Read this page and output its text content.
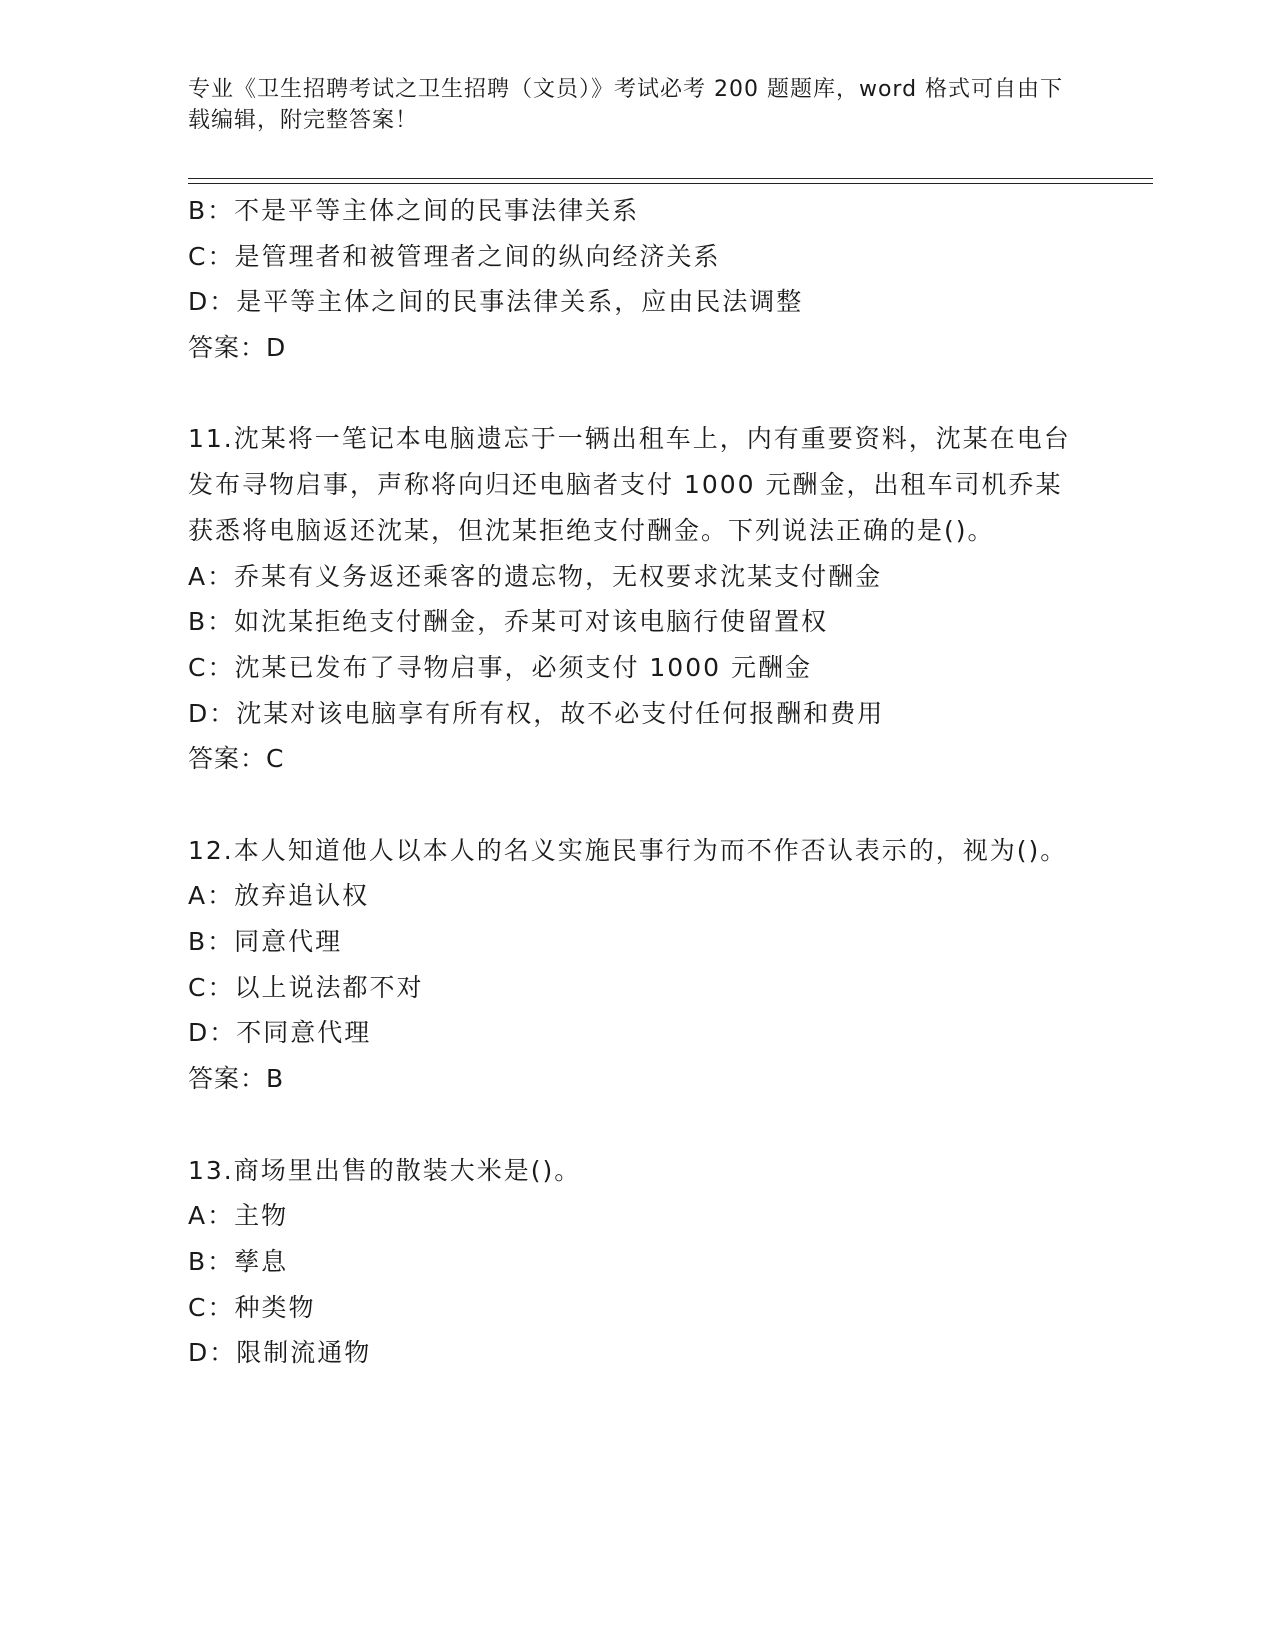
专业《卫生招聘考试之卫生招聘（文员）》考试必考 200 题题库，word 格式可自由下载编辑，附完整答案！
B：不是平等主体之间的民事法律关系
C：是管理者和被管理者之间的纵向经济关系
D：是平等主体之间的民事法律关系，应由民法调整
答案：D
11.沈某将一笔记本电脑遗忘于一辆出租车上，内有重要资料，沈某在电台发布寻物启事，声称将向归还电脑者支付 1000 元酬金，出租车司机乔某获悉将电脑返还沈某，但沈某拒绝支付酬金。下列说法正确的是()。
A：乔某有义务返还乘客的遗忘物，无权要求沈某支付酬金
B：如沈某拒绝支付酬金，乔某可对该电脑行使留置权
C：沈某已发布了寻物启事，必须支付 1000 元酬金
D：沈某对该电脑享有所有权，故不必支付任何报酬和费用
答案：C
12.本人知道他人以本人的名义实施民事行为而不作否认表示的，视为()。
A：放弃追认权
B：同意代理
C：以上说法都不对
D：不同意代理
答案：B
13.商场里出售的散装大米是()。
A：主物
B：孳息
C：种类物
D：限制流通物
